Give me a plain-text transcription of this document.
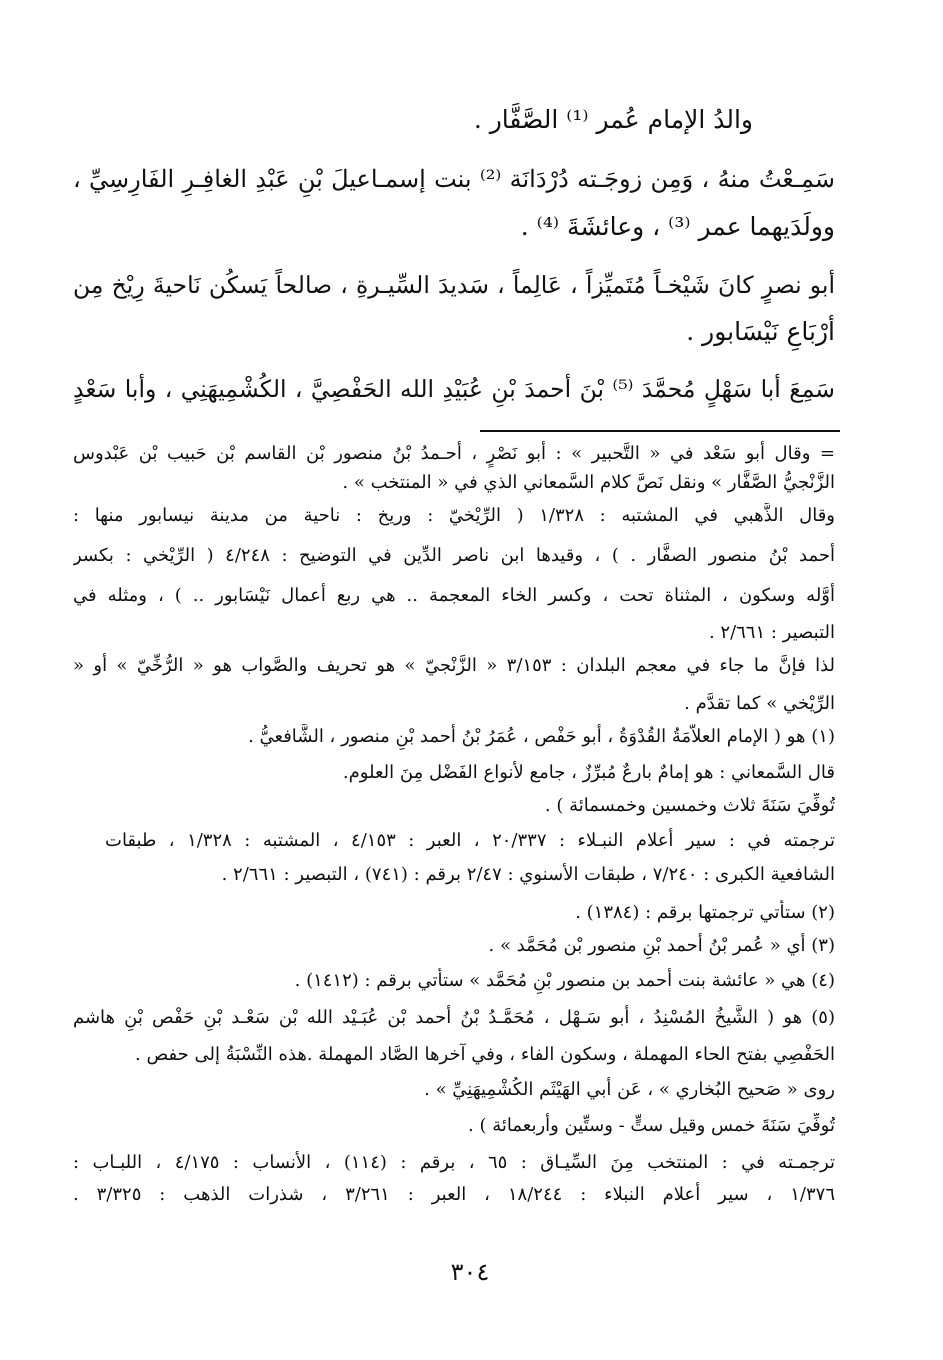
والدُ الإمام عُمر ⁽¹⁾ الصَّفَّار .
سَمِـعْتُ منهُ ، وَمِن زوجَـته دُرْدَانَة ⁽²⁾ بنت إسمـاعيلَ بْنِ عَبْدِ الغافِـرِ الفَارِسِيِّ ،
وولَدَيهما عمر ⁽³⁾ ، وعائشَةَ ⁽⁴⁾ .
أبو نصرٍ كانَ شَيْخـاً مُتَميِّزاً ، عَالِماً ، سَديدَ السِّيـرةِ ، صالحاً يَسكُن نَاحيةَ رِيْخ مِن
أَرْبَاعِ نَيْسَابور .
سَمِعَ أبا سَهْلٍ مُحمَّدَ ⁽⁵⁾ بْنَ أحمدَ بْنِ عُبَيْدِ الله الحَفْصِيَّ ، الكُشْمِيهَنِي ، وأبا سَعْدٍ
= وقال أبو سَعْد في « التَّحبير » : أبو نَصْرٍ ، أحـمدُ بْنُ منصور بْن القاسم بْن حَبيب بْن عَبْدوس
الزَّنْجيُّ الصَّفَّار » ونقل نَصَّ كلام السَّمعاني الذي في « المنتخب » .
وقال الذَّهبي في المشتبه : ١/٣٢٨ ( الرِّيْخيّ : وريخ : ناحية من مدينة نيسابور منها :
أحمد بْنُ منصور الصفَّار . ) ، وقيدها ابن ناصر الدِّين في التوضيح : ٤/٢٤٨ ( الرِّيْخي : بكسر
أوَّله وسكون ، المثناة تحت ، وكسر الخاء المعجمة .. هي ربع أعمال نَيْسَابور .. ) ، ومثله في
التبصير : ٢/٦٦١ .
لذا فإنَّ ما جاء في معجم البلدان : ٣/١٥٣ « الزَّنْجيّ » هو تحريف والصَّواب هو « الرُّخِّيّ » أو «
الرِّيْخي » كما تقدَّم .
(١) هو ( الإمام العلاَّمَةُ القُدْوَةُ ، أبو حَفْص ، عُمَرُ بْنُ أحمد بْنِ منصور ، الشَّافعيُّ .
قال السَّمعاني : هو إمامٌ بارعٌ مُبرِّزٌ ، جامع لأنواع الفَضْل مِنَ العلوم.
تُوفِّيَ سَنَةَ ثلاث وخمسين وخمسمائة ) .
ترجمته في : سير أعلام النبـلاء : ٢٠/٣٣٧ ، العبر : ٤/١٥٣ ، المشتبه : ١/٣٢٨ ، طبقات
الشافعية الكبرى : ٧/٢٤٠ ، طبقات الأسنوي : ٢/٤٧ برقم : (٧٤١) ، التبصير : ٢/٦٦١ .
(٢) ستأتي ترجمتها برقم : (١٣٨٤) .
(٣) أي « عُمر بْنُ أحمد بْنِ منصور بْن مُحَمَّد » .
(٤) هي « عائشة بنت أحمد بن منصور بْنِ مُحَمَّد » ستأتي برقم : (١٤١٢) .
(٥) هو ( الشَّيخُ المُسْنِدُ ، أبو سَـهْل ، مُحَمَّـدُ بْنُ أحمد بْن عُبَـيْد الله بْن سَعْـد بْنِ حَفْص بْنِ هاشم
الحَفْصِي بفتح الحاء المهملة ، وسكون الفاء ، وفي آخرها الصَّاد المهملة .هذه النِّسْبَةُ إلى حفص .
روى « صَحيح البُخاري » ، عَن أبي الهَيْثَم الكُشْمِيهَنِيِّ » .
تُوفِّيَ سَنَةَ خمس وقيل ستٍّ - وستِّين وأربعمائة ) .
ترجمـته في : المنتخب مِنَ السِّيـاق : ٦٥ ، برقم : (١١٤) ، الأنساب : ٤/١٧٥ ، اللبـاب :
١/٣٧٦ ، سير أعلام النبلاء : ١٨/٢٤٤ ، العبر : ٣/٢٦١ ، شذرات الذهب : ٣/٣٢٥ .
٣٠٤
